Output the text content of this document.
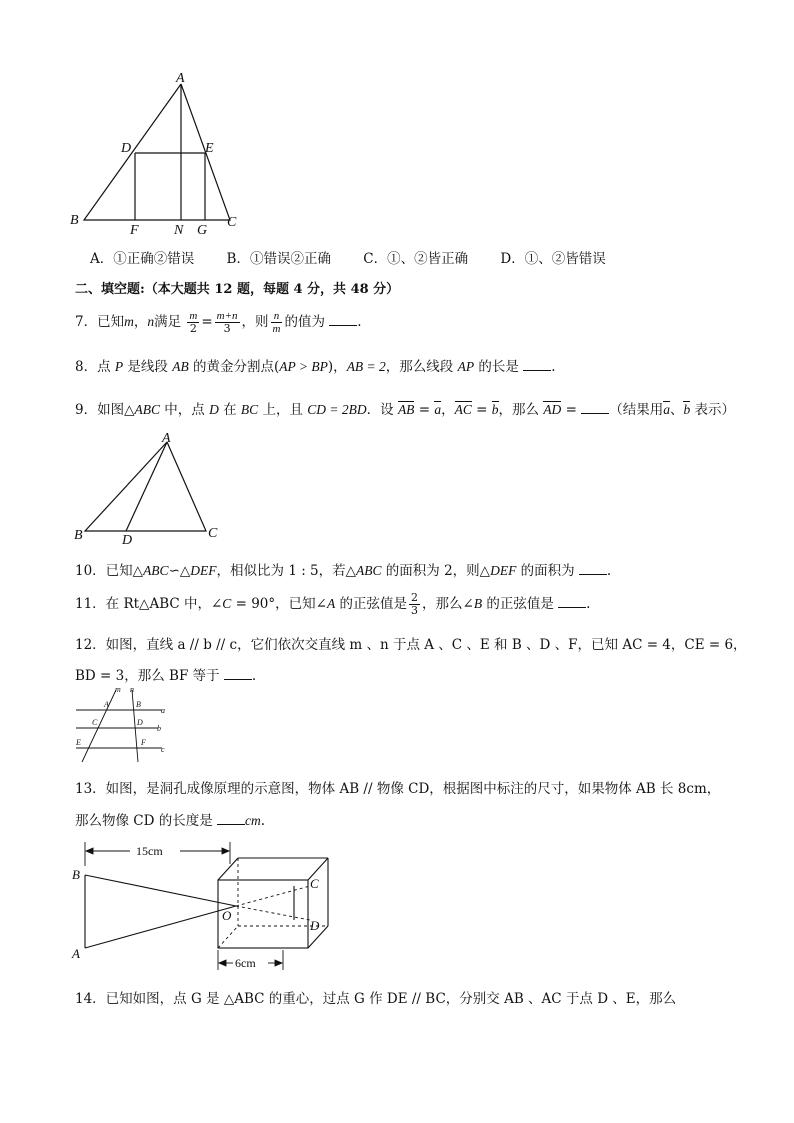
A
D	E
B
F	N G
C
A．①正确②错误 B．①错误②正确 C．①、②皆正确 D．①、②皆错误
二、填空题:（本大题共 12 题，每题 4 分，共 48 分）
7．已知m，n满足 $\frac{m}{2} = \frac{m+n}{3}$ ，则 $\frac{n}{m}$ 的值为 .
8．点 P 是线段 AB 的黄金分割点(AP > BP)，AB = 2，那么线段 AP 的长是 .
9．如图△ABC 中，点 D 在 BC 上，且 CD = 2BD．设 AB = a，AC = b，那么 AD = （结果用a、b 表示）
A
B	D	C
10．已知△ABC∽△DEF，相似比为 1 : 5，若△ABC 的面积为 2，则△DEF 的面积为 .
11．在 Rt△ABC 中，∠C = 90°，已知∠A 的正弦值是 $\frac{2}{3}$ ，那么∠B 的正弦值是 .
12．如图，直线 a // b // c，它们依次交直线 m 、n 于点 A 、C 、E 和 B 、D 、F，已知 AC = 4，CE = 6，
BD = 3，那么 BF 等于 .
m n
A	B
a
C	D
b
E	F
c
13．如图，是洞孔成像原理的示意图，物体 AB // 物像 CD，根据图中标注的尺寸，如果物体 AB 长 8cm，
那么物像 CD 的长度是 cm.
15cm
6cm
B
A
O
C
D
14．已知如图，点 G 是 △ABC 的重心，过点 G 作 DE // BC，分别交 AB 、AC 于点 D 、E，那么
